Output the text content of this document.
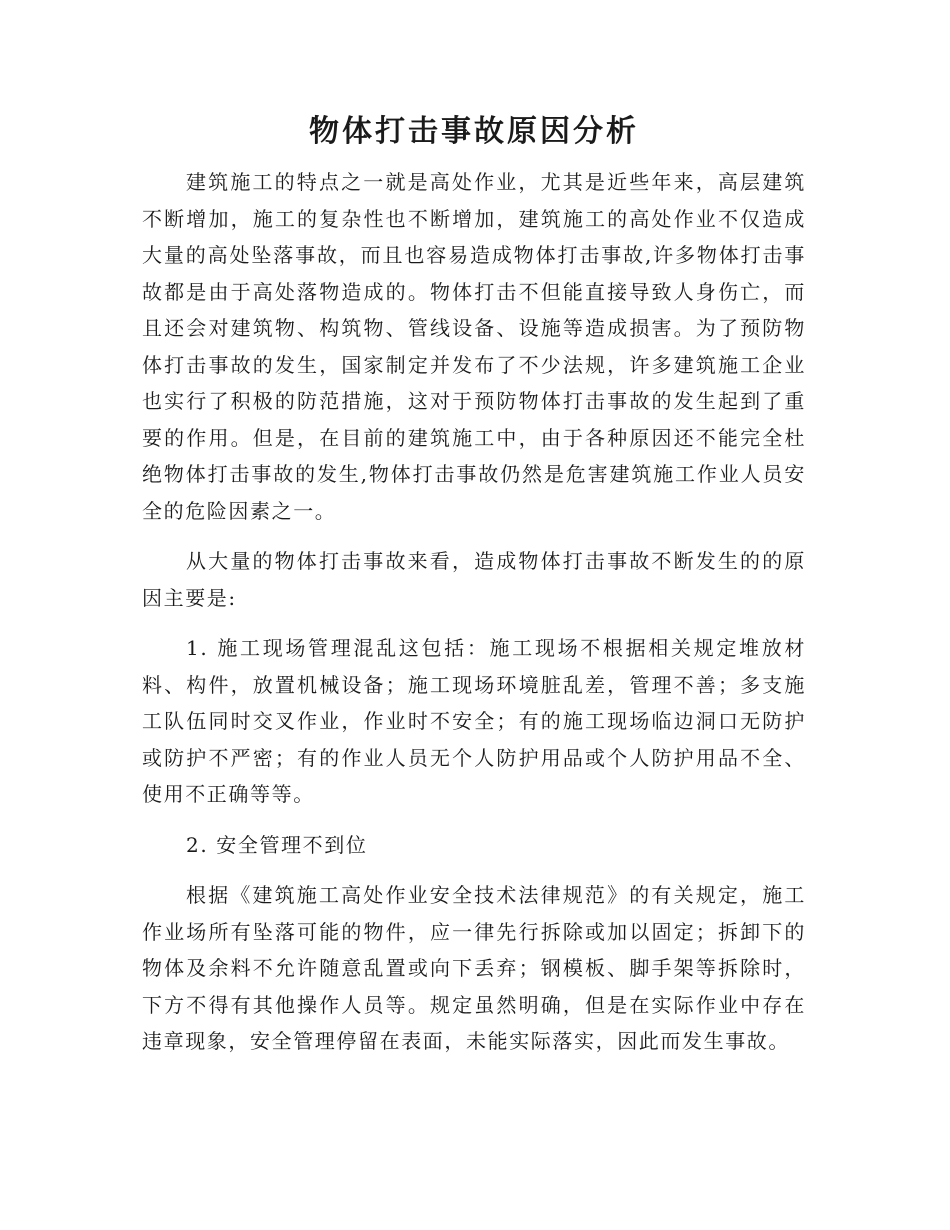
物体打击事故原因分析

建筑施工的特点之一就是高处作业，尤其是近些年来，高层建筑不断增加，施工的复杂性也不断增加，建筑施工的高处作业不仅造成大量的高处坠落事故，而且也容易造成物体打击事故,许多物体打击事故都是由于高处落物造成的。物体打击不但能直接导致人身伤亡，而且还会对建筑物、构筑物、管线设备、设施等造成损害。为了预防物体打击事故的发生，国家制定并发布了不少法规，许多建筑施工企业也实行了积极的防范措施，这对于预防物体打击事故的发生起到了重要的作用。但是，在目前的建筑施工中，由于各种原因还不能完全杜绝物体打击事故的发生,物体打击事故仍然是危害建筑施工作业人员安全的危险因素之一。

从大量的物体打击事故来看，造成物体打击事故不断发生的的原因主要是:

1. 施工现场管理混乱这包括：施工现场不根据相关规定堆放材料、构件，放置机械设备；施工现场环境脏乱差，管理不善；多支施工队伍同时交叉作业，作业时不安全；有的施工现场临边洞口无防护或防护不严密；有的作业人员无个人防护用品或个人防护用品不全、使用不正确等等。

2. 安全管理不到位

根据《建筑施工高处作业安全技术法律规范》的有关规定，施工作业场所有坠落可能的物件，应一律先行拆除或加以固定；拆卸下的物体及余料不允许随意乱置或向下丢弃；钢模板、脚手架等拆除时，下方不得有其他操作人员等。规定虽然明确，但是在实际作业中存在违章现象，安全管理停留在表面，未能实际落实，因此而发生事故。
